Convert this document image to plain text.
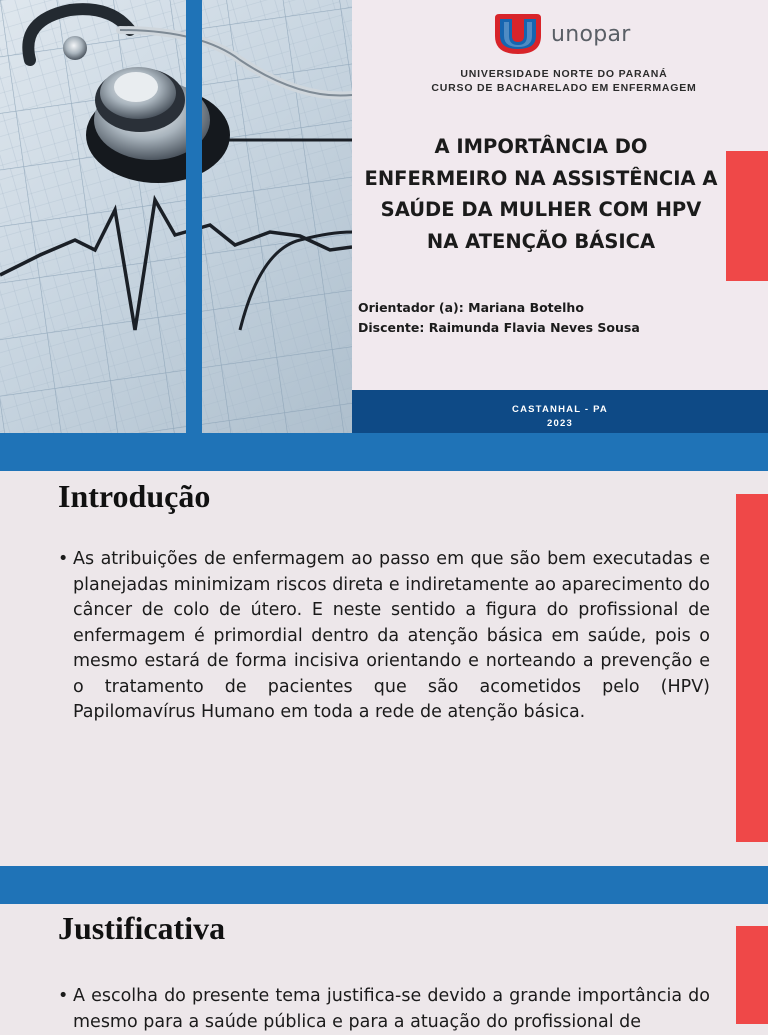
unopar
UNIVERSIDADE NORTE DO PARANÁ
CURSO DE BACHARELADO EM ENFERMAGEM
A IMPORTÂNCIA DO
ENFERMEIRO NA ASSISTÊNCIA A
SAÚDE DA MULHER COM HPV
NA ATENÇÃO BÁSICA
Orientador (a): Mariana Botelho
Discente: Raimunda Flavia Neves Sousa
CASTANHAL - PA
2023
Introdução
• As atribuições de enfermagem ao passo em que são bem executadas e planejadas minimizam riscos direta e indiretamente ao aparecimento do câncer de colo de útero. E neste sentido a figura do profissional de enfermagem é primordial dentro da atenção básica em saúde, pois o mesmo estará de forma incisiva orientando e norteando a prevenção e o tratamento de pacientes que são acometidos pelo (HPV) Papilomavírus Humano em toda a rede de atenção básica.
Justificativa
• A escolha do presente tema justifica-se devido a grande importância do mesmo para a saúde pública e para a atuação do profissional de
